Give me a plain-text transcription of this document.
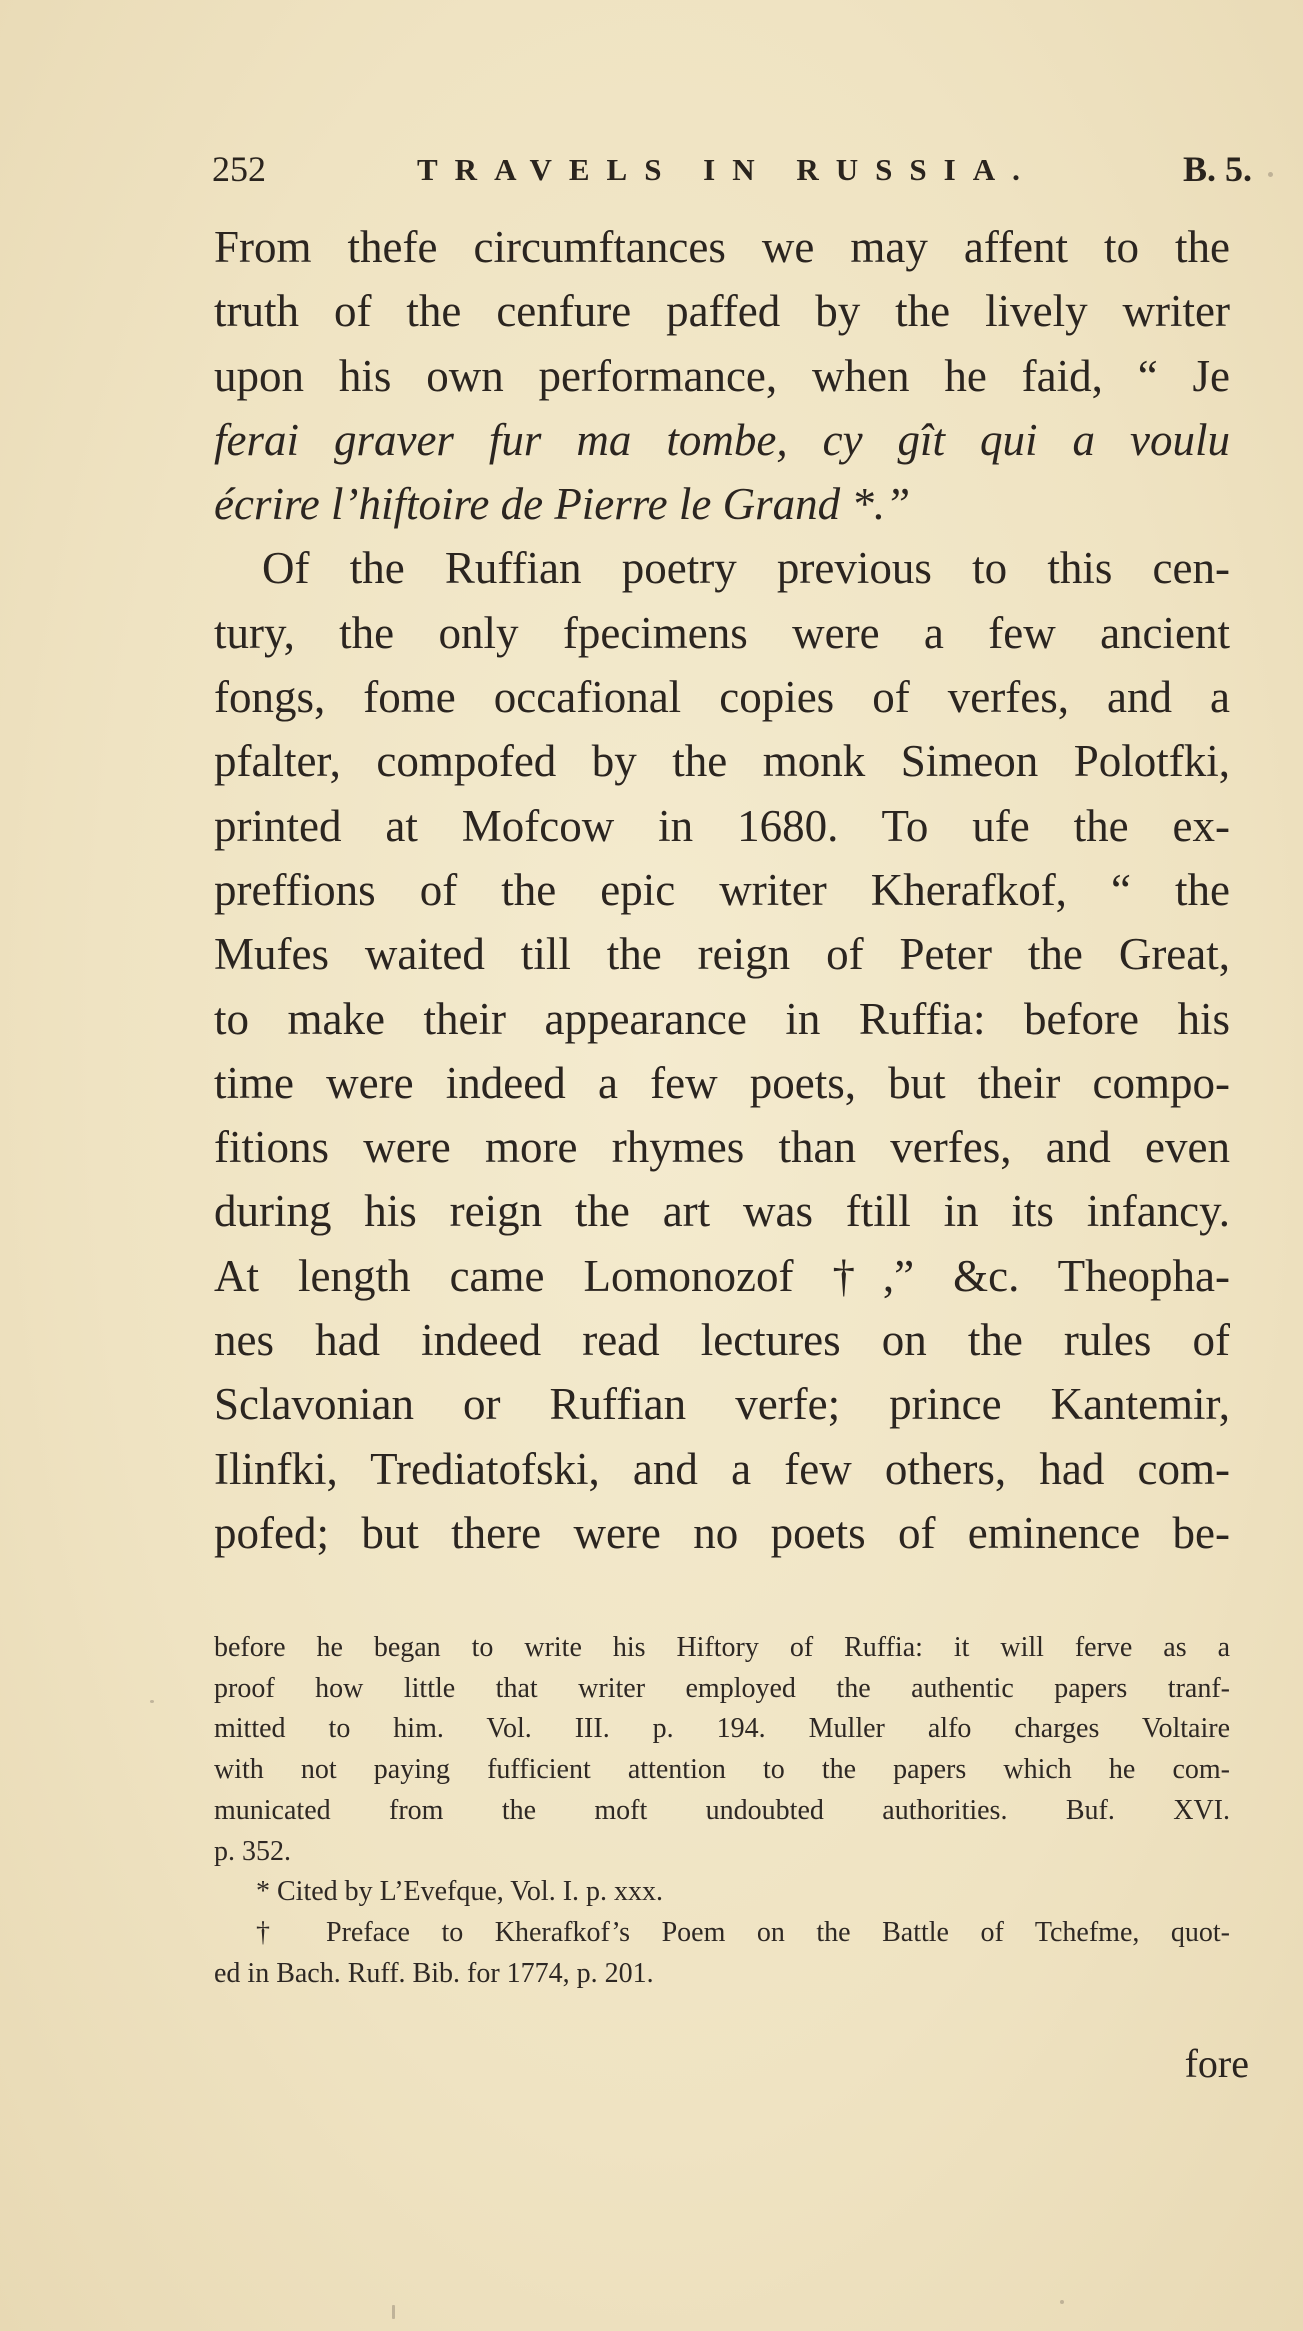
252	TRAVELS IN RUSSIA.	B. 5.
From thefe circumftances we may affent to the
truth of the cenfure paffed by the lively writer
upon his own performance, when he faid, “ Je
ferai graver fur ma tombe, cy gît qui a voulu
écrire l’hiftoire de Pierre le Grand *.”
Of the Ruffian poetry previous to this cen-
tury, the only fpecimens were a few ancient
fongs, fome occafional copies of verfes, and a
pfalter, compofed by the monk Simeon Polotfki,
printed at Mofcow in 1680. To ufe the ex-
preffions of the epic writer Kherafkof, “ the
Mufes waited till the reign of Peter the Great,
to make their appearance in Ruffia: before his
time were indeed a few poets, but their compo-
fitions were more rhymes than verfes, and even
during his reign the art was ftill in its infancy.
At length came Lomonozof †,” &c. Theopha-
nes had indeed read lectures on the rules of
Sclavonian or Ruffian verfe; prince Kantemir,
Ilinfki, Trediatofski, and a few others, had com-
pofed; but there were no poets of eminence be-
before he began to write his Hiftory of Ruffia: it will ferve as a
proof how little that writer employed the authentic papers tranf-
mitted to him. Vol. III. p. 194. Muller alfo charges Voltaire
with not paying fufficient attention to the papers which he com-
municated from the moft undoubted authorities. Buf. XVI.
p. 352.
* Cited by L’Evefque, Vol. I. p. xxx.
† Preface to Kherafkof’s Poem on the Battle of Tchefme, quot-
ed in Bach. Ruff. Bib. for 1774, p. 201.
fore
